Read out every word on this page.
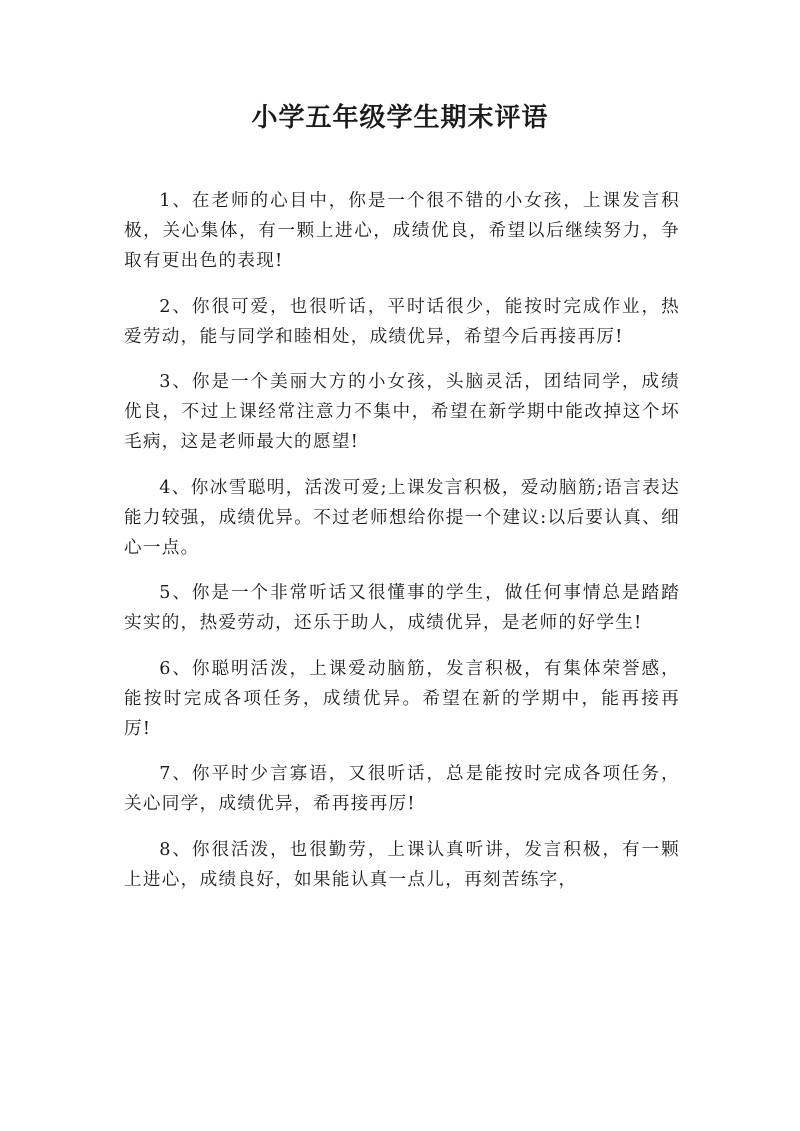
小学五年级学生期末评语

1、在老师的心目中，你是一个很不错的小女孩，上课发言积极，关心集体，有一颗上进心，成绩优良，希望以后继续努力，争取有更出色的表现!

2、你很可爱，也很听话，平时话很少，能按时完成作业，热爱劳动，能与同学和睦相处，成绩优异，希望今后再接再厉!

3、你是一个美丽大方的小女孩，头脑灵活，团结同学，成绩优良，不过上课经常注意力不集中，希望在新学期中能改掉这个坏毛病，这是老师最大的愿望!

4、你冰雪聪明，活泼可爱;上课发言积极，爱动脑筋;语言表达能力较强，成绩优异。不过老师想给你提一个建议:以后要认真、细心一点。

5、你是一个非常听话又很懂事的学生，做任何事情总是踏踏实实的，热爱劳动，还乐于助人，成绩优异，是老师的好学生!

6、你聪明活泼，上课爱动脑筋，发言积极，有集体荣誉感，能按时完成各项任务，成绩优异。希望在新的学期中，能再接再厉!

7、你平时少言寡语，又很听话，总是能按时完成各项任务，关心同学，成绩优异，希再接再厉!

8、你很活泼，也很勤劳，上课认真听讲，发言积极，有一颗上进心，成绩良好，如果能认真一点儿，再刻苦练字，
